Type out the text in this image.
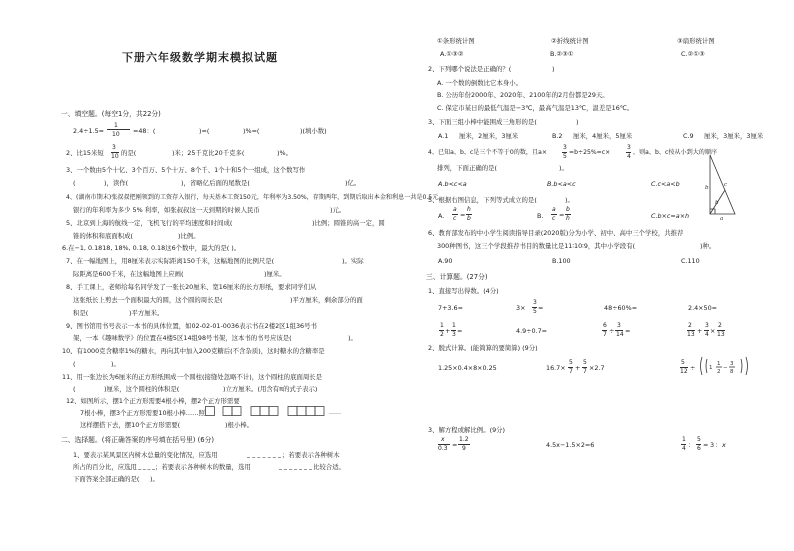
下册六年级数学期末模拟试题
一、填空题。(每空1分，共22分)
2.4÷1.5=
1
10 =48：(	)=(	)%=(	)(填小数)
2、比15米短
3
10 的是(	)米；25千克比20千克多(	)%。
3、一个数由5个十亿、3个百万、5个十万、8个千、1个十和5个一组成，这个数写作
(	)，读作(	)，省略亿后面的尾数是(	)亿。
4、(湖南市期末)张叔叔把刚领到的工资存入银行，每天基本工资150元，年利率为3.50%，存期两年，到期后取出本金和利息一共是0.5元。
银行的年利率为多少 5% 利率，如张叔叔这一天到期的时候人民币	)元。
5、北京到上海的航线一定，飞机飞行的平均速度和时间成(	)比例；圆锥的高一定，圆
锥的体积和底面积成(	)比例。
6.在−1, 0.1818, 18%, 0.18, 0.18这6个数中，最大的是( )。
7、在一幅地图上，用8厘米表示实际距离150千米，这幅地图的比例尺是(	)。实际
际距离是600千米，在这幅地图上应画(	)厘米。
8、手工课上，老师给每名同学发了一张长20厘米、宽16厘米的长方形纸，要求同学们从
这张纸长上剪去一个面积最大的圆，这个圆的周长是(	)平方厘米，剩余部分的面
积是(	)平方厘米。
9、图书馆用书号表示一本书的具体位置，如02-02-01-0036表示书在2楼2区1组36号书
架，一本《趣味数学》的位置在4楼5区14组98号书架，这本书的书号应该是(	)。
10、有1000克含糖率1%的糖水，再向其中加入200克糖后(不含杂质)，这时糖水的含糖率是
(	)。
11、用一张边长为6厘米的正方形纸围成一个圆柱(接缝处忽略不计)，这个圆柱的底面周长是
(	)厘米，这个圆柱的体积是(	)立方厘米。(用含有π的式子表示)
12、如图所示，摆1个正方形需要4根小棒，摆2个正方形需要
7根小棒，摆3个正方形需要10根小棒……照
这样摆搭下去，摆10个正方形需要(	)根小棒。
……
二、选择题。(将正确答案的序号填在括号里) (6分)
1、要表示某风景区内树木总量的变化情况，应选用	；若要表示各种树木
所占的百分比，应选用	；若要表示各种树木的数量，选用	比较合适。
下面答案全部正确的是( )。
①条形统计图	②折线统计图	③扇形统计图
A.①③②	B.②③①	C.②①③
2、下列哪个说法是正确的？(	)
A. 一个数的倒数比它本身小。
B. 公历年份2000年、2020年、2100年的2月份都是29天。
C. 保定市某日的最低气温是−3℃，最高气温是13℃，温差是16℃。
3、下面三组小棒中能围成三角形的是(	)
A.1 厘米，2厘米，3厘米	B.2 厘米，4厘米，5厘米	C.9 厘米，3厘米，3厘米
4、已知a、b、c是三个不等于0的数，且a×
3
5
=b÷25%=c×
3
4
，则a、b、c按从小到大的顺序
排列，下面正确的是(	)。
A.b<c<a	B.b<a<c	C.c<a<b	b	c
h
a
5、根据右图信息，下列等式成立的是(	)。
A.
a
c =
h
b	B.
a
c =
b
h	C.b×c=a×h
6、教育部发布的中小学生阅读指导目录(2020版)分为小学、初中、高中三个学校，共推荐
300种图书，这三个学段推荐书目的数量比是11∶10∶9，其中小学段有(	)种。
A.90	B.100	C.110
三、计算题。(27分)
1、直接写出得数。(4分)
7+3.6=	3×
3
5 =	48÷60%=	2.4×50=
1
2 +
1
3 =	4.9÷0.7=
6
7 ÷
3
14 =
2
13 +
3
4 ×
2
13
2、脱式计算。(能简算的要简算) (9分)
1.25×0.4×8×0.25	16.7×
5
7 +
5
7 ×2.7
5
12 ÷ 1
1
2
−
3
8
3、解方程或解比例。(9分)
x
0.3 =
1.2
9	4.5x−1.5×2=6
1
4 ：
5
6 = 3 ： x
